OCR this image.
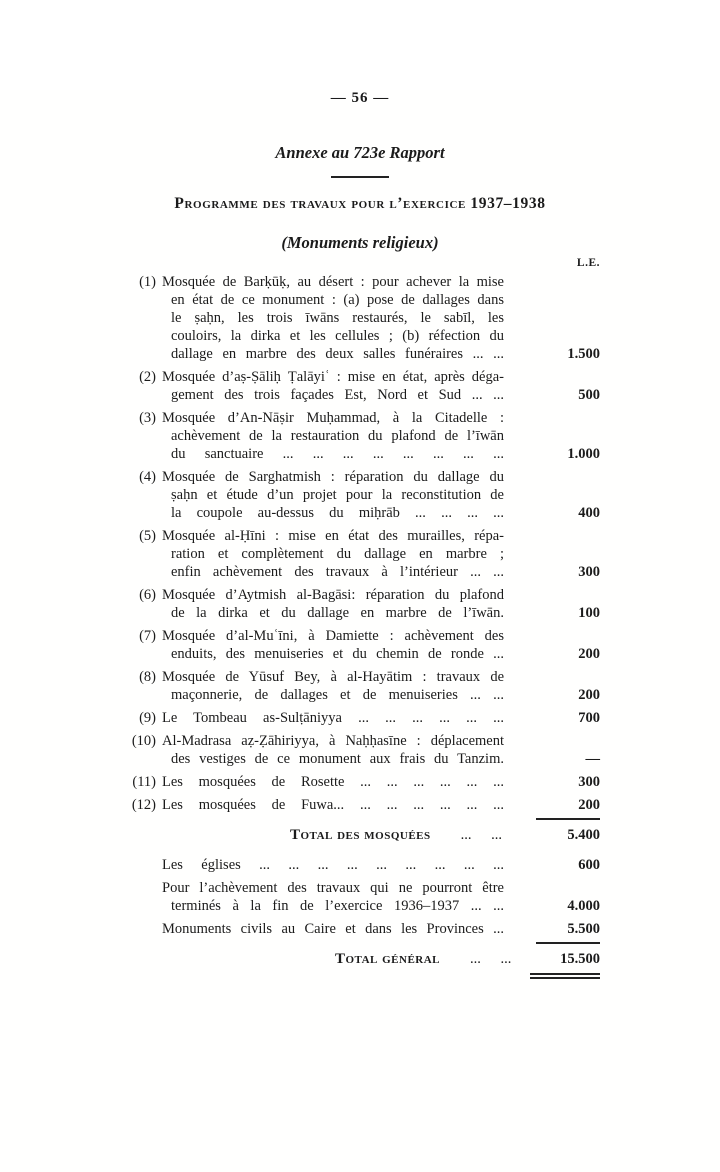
— 56 —
Annexe au 723e Rapport
Programme des travaux pour l’exercice 1937–1938
(Monuments religieux)
L.E.
(1) Mosquée de Barḳūḳ, au désert : pour achever la mise
en état de ce monument : (a) pose de dallages dans
le ṣaḥn, les trois īwāns restaurés, le sabīl, les
couloirs, la dirka et les cellules ; (b) réfection du
dallage en marbre des deux salles funéraires ... ...	1.500
(2) Mosquée d’aṣ-Ṣāliḥ Ṭalāyiʿ : mise en état, après déga-
gement des trois façades Est, Nord et Sud ... ...	500
(3) Mosquée d’An-Nāṣir Muḥammad, à la Citadelle :
achèvement de la restauration du plafond de l’īwān
du sanctuaire ... ... ... ... ... ... ... ...	1.000
(4) Mosquée de Sarghatmish : réparation du dallage du
ṣaḥn et étude d’un projet pour la reconstitution de
la coupole au-dessus du miḥrāb ... ... ... ...	400
(5) Mosquée al-Ḥīni : mise en état des murailles, répa-
ration et complètement du dallage en marbre ;
enfin achèvement des travaux à l’intérieur ... ...	300
(6) Mosquée d’Aytmish al-Bagāsi: réparation du plafond
de la dirka et du dallage en marbre de l’īwān.	100
(7) Mosquée d’al-Muʿīni, à Damiette : achèvement des
enduits, des menuiseries et du chemin de ronde ...	200
(8) Mosquée de Yūsuf Bey, à al-Hayātim : travaux de
maçonnerie, de dallages et de menuiseries ... ...	200
(9) Le Tombeau as-Sulṭāniyya ... ... ... ... ... ...	700
(10) Al-Madrasa aẓ-Ẓāhiriyya, à Naḥḥasīne : déplacement
des vestiges de ce monument aux frais du Tanzim.	—
(11) Les mosquées de Rosette ... ... ... ... ... ...	300
(12) Les mosquées de Fuwa... ... ... ... ... ... ...	200
Total des mosquées ... ...	5.400
Les églises ... ... ... ... ... ... ... ... ...	600
Pour l’achèvement des travaux qui ne pourront être
terminés à la fin de l’exercice 1936–1937 ... ...	4.000
Monuments civils au Caire et dans les Provinces ...	5.500
Total général ... ...	15.500
